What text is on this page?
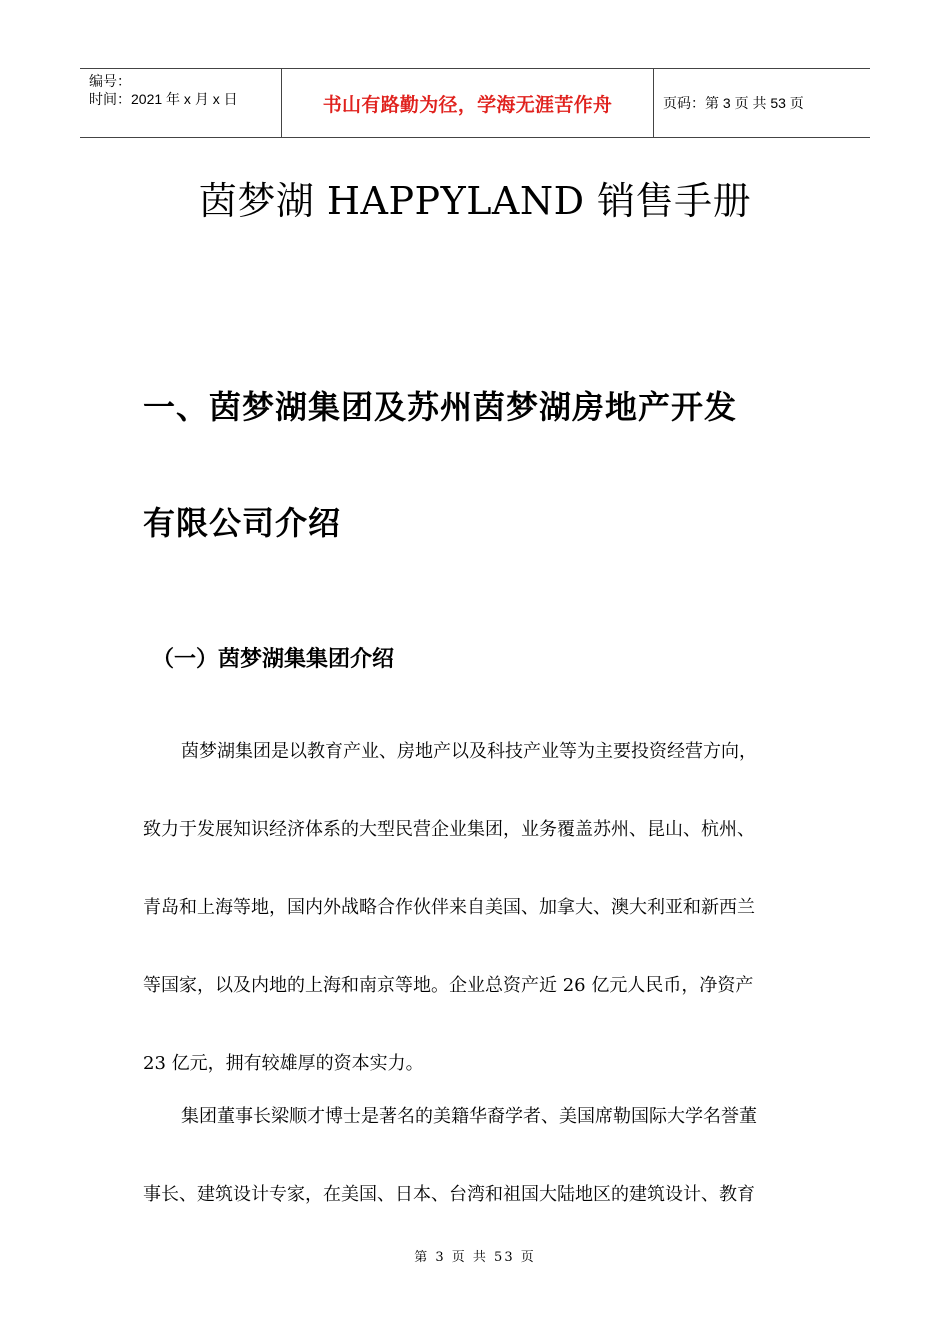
编号：
时间：2021 年 x 月 x 日	书山有路勤为径，学海无涯苦作舟	页码：第 3 页 共 53 页
茵梦湖 HAPPYLAND 销售手册
一、茵梦湖集团及苏州茵梦湖房地产开发
有限公司介绍
（一）茵梦湖集集团介绍
茵梦湖集团是以教育产业、房地产以及科技产业等为主要投资经营方向，
致力于发展知识经济体系的大型民营企业集团，业务覆盖苏州、昆山、杭州、
青岛和上海等地，国内外战略合作伙伴来自美国、加拿大、澳大利亚和新西兰
等国家，以及内地的上海和南京等地。企业总资产近 26 亿元人民币，净资产
23 亿元，拥有较雄厚的资本实力。
集团董事长梁顺才博士是著名的美籍华裔学者、美国席勒国际大学名誉董
事长、建筑设计专家，在美国、日本、台湾和祖国大陆地区的建筑设计、教育
第 3 页 共 53 页
